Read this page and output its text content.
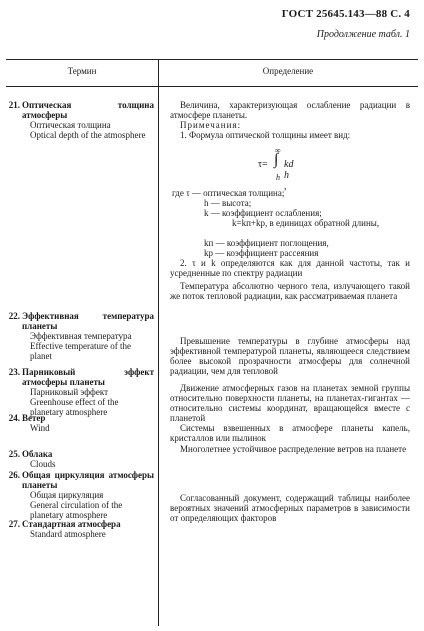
ГОСТ 25645.143—88 С. 4
Продолжение табл. 1
Термин	Определение
21. Оптическая толщина атмосферы
Оптическая толщина
Optical depth of the atmosphere
22. Эффективная температура планеты
Эффективная температура
Effective temperature of the planet
23. Парниковый эффект атмосферы планеты
Парниковый эффект
Greenhouse effect of the planetary atmosphere
24. Ветер
Wind
25. Облака
Clouds
26. Общая циркуляция атмосферы планеты
Общая циркуляция
General circulation of the planetary atmosphere
27. Стандартная атмосфера
Standard atmosphere
Величина, характеризующая ослабление радиации в атмосфере планеты.
Примечания:
1. Формула оптической толщины имеет вид:
τ=
∞
∫ kd h ,
h
где τ — оптическая толщина;
h — высота;
k — коэффициент ослабления;
k=kп+kр, в единицах обратной длины,
kп — коэффициент поглощения,
kр — коэффициент рассеяния
2. τ и k определяются как для данной частоты, так и усредненные по спектру радиации
Температура абсолютно черного тела, излучающего такой же поток тепловой радиации, как рассматриваемая планета
Превышение температуры в глубине атмосферы над эффективной температурой планеты, являющееся следствием более высокой прозрачности атмосферы для солнечной радиации, чем для тепловой
Движение атмосферных газов на планетах земной группы относительно поверхности планеты, на планетах-гигантах — относительно системы координат, вращающейся вместе с планетой
Системы взвешенных в атмосфере планеты капель, кристаллов или пылинок
Многолетнее устойчивое распределение ветров на планете
Согласованный документ, содержащий таблицы наиболее вероятных значений атмосферных параметров в зависимости от определяющих факторов
